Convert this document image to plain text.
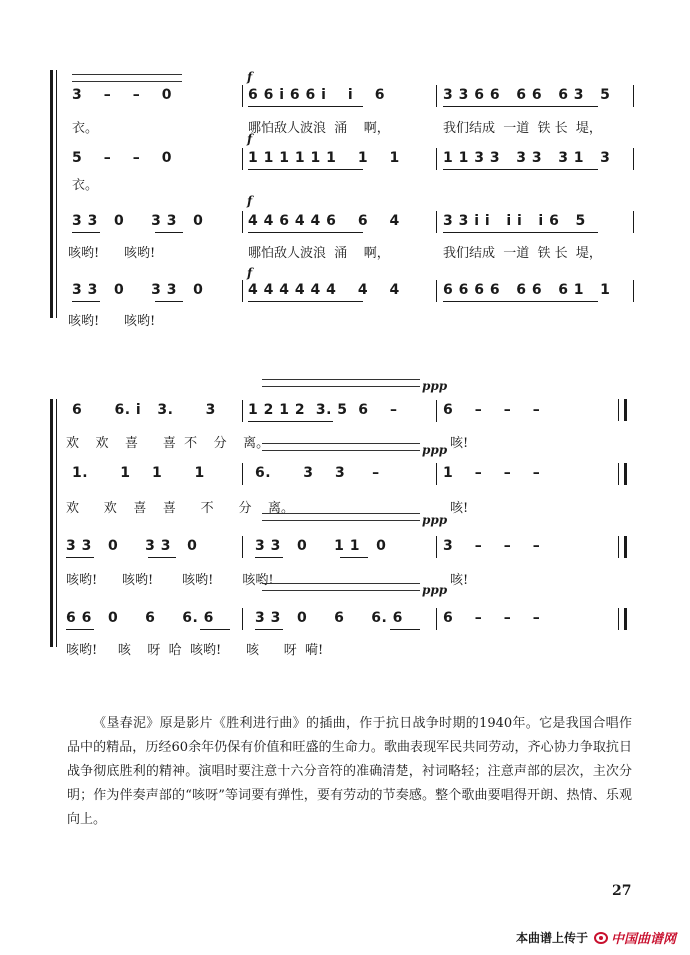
f
3    –    –    0	6 6 i 6 6 i    i    6	3 3 6 6   6 6   6 3   5
衣。	哪怕敌人波浪  涌    啊，	我们结成  一道  铁 长  堤，
f
5    –    –    0	1 1 1 1 1 1    1    1	1 1 3 3   3 3   3 1   3
衣。
f
3 3   0     3 3   0	4 4 6 4 4 6    6    4	3 3 i i   i i   i 6   5
咳哟!      咳哟!	哪怕敌人波浪  涌    啊，	我们结成  一道  铁 长  堤，
f
3 3   0     3 3   0	4 4 4 4 4 4    4    4	6 6 6 6   6 6   6 1   1
咳哟!      咳哟!
ppp
6      6. i   3.      3 1 2 1 2  3. 5  6    –	6    –    –    –
欢    欢    喜      喜  不    分    离。	咳!
ppp
1.      1    1      1	6.      3    3     –	1    –    –    –
欢      欢    喜    喜      不      分    离。	咳!
ppp
3 3   0     3 3   0	3 3   0     1 1   0	3    –    –    –
咳哟!      咳哟!       咳哟!       咳哟!	咳!
ppp
6 6   0     6     6. 6	3 3   0     6     6. 6	6    –    –    –
咳哟!     咳    呀  哈  咳哟!      咳      呀  嗬!

《垦春泥》原是影片《胜利进行曲》的插曲，作于抗日战争时期的1940年。它是我国合唱作品中的精品，历经60余年仍保有价值和旺盛的生命力。歌曲表现军民共同劳动，齐心协力争取抗日战争彻底胜利的精神。演唱时要注意十六分音符的准确清楚，衬词略轻；注意声部的层次，主次分明；作为伴奏声部的“咳呀”等词要有弹性，要有劳动的节奏感。整个歌曲要唱得开朗、热情、乐观向上。

27
本曲谱上传于 中国曲谱网
